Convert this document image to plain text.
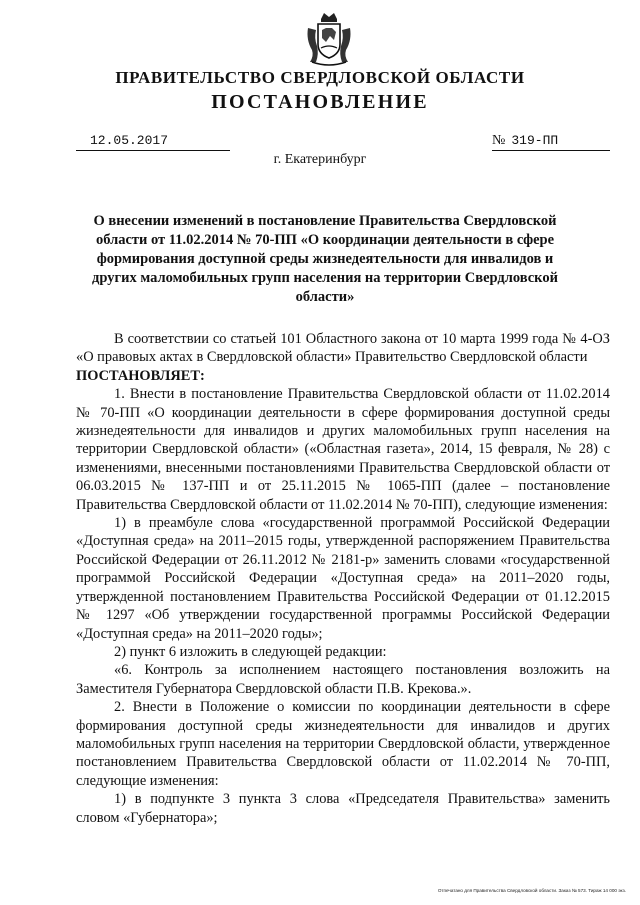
ПРАВИТЕЛЬСТВО СВЕРДЛОВСКОЙ ОБЛАСТИ
ПОСТАНОВЛЕНИЕ
12.05.2017	№ 319-ПП
г. Екатеринбург
О внесении изменений в постановление Правительства Свердловской области от 11.02.2014 № 70-ПП «О координации деятельности в сфере формирования доступной среды жизнедеятельности для инвалидов и других маломобильных групп населения на территории Свердловской области»

В соответствии со статьей 101 Областного закона от 10 марта 1999 года № 4-ОЗ «О правовых актах в Свердловской области» Правительство Свердловской области

ПОСТАНОВЛЯЕТ:

1. Внести в постановление Правительства Свердловской области от 11.02.2014 № 70-ПП «О координации деятельности в сфере формирования доступной среды жизнедеятельности для инвалидов и других маломобильных групп населения на территории Свердловской области» («Областная газета», 2014, 15 февраля, № 28) с изменениями, внесенными постановлениями Правительства Свердловской области от 06.03.2015 № 137-ПП и от 25.11.2015 № 1065-ПП (далее – постановление Правительства Свердловской области от 11.02.2014 № 70-ПП), следующие изменения:

1) в преамбуле слова «государственной программой Российской Федерации «Доступная среда» на 2011–2015 годы, утвержденной распоряжением Правительства Российской Федерации от 26.11.2012 № 2181-р» заменить словами «государственной программой Российской Федерации «Доступная среда» на 2011–2020 годы, утвержденной постановлением Правительства Российской Федерации от 01.12.2015 № 1297 «Об утверждении государственной программы Российской Федерации «Доступная среда» на 2011–2020 годы»;

2) пункт 6 изложить в следующей редакции:

«6. Контроль за исполнением настоящего постановления возложить на Заместителя Губернатора Свердловской области П.В. Крекова.».

2. Внести в Положение о комиссии по координации деятельности в сфере формирования доступной среды жизнедеятельности для инвалидов и других маломобильных групп населения на территории Свердловской области, утвержденное постановлением Правительства Свердловской области от 11.02.2014 № 70-ПП, следующие изменения:

1) в подпункте 3 пункта 3 слова «Председателя Правительства» заменить словом «Губернатора»;

Отпечатано для Правительства Свердловской области. Заказ № 573. Тираж 14 000 экз.
